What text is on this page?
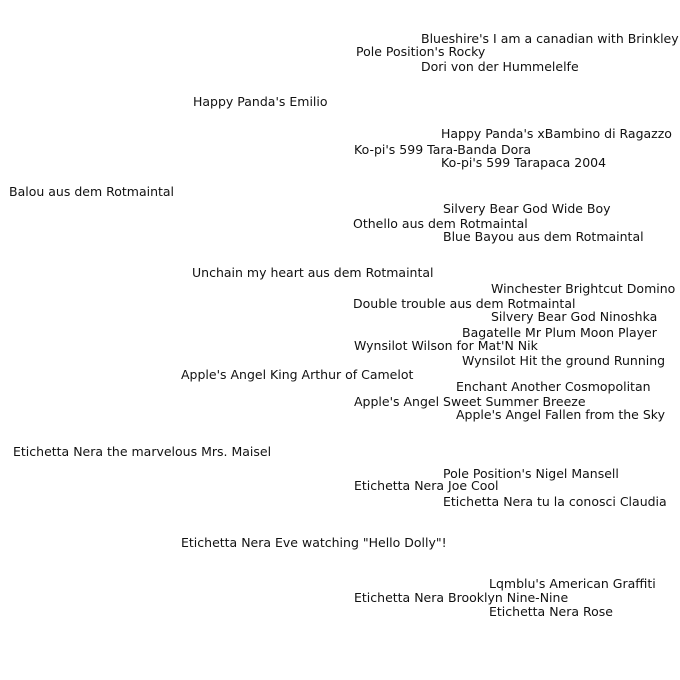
Balou aus dem Rotmaintal
Etichetta Nera the marvelous Mrs. Maisel
Happy Panda's Emilio
Unchain my heart aus dem Rotmaintal
Apple's Angel King Arthur of Camelot
Etichetta Nera Eve watching "Hello Dolly"!
Pole Position's Rocky
Ko-pi's 599 Tara-Banda Dora
Othello aus dem Rotmaintal
Double trouble aus dem Rotmaintal
Wynsilot Wilson for Mat'N Nik
Apple's Angel Sweet Summer Breeze
Etichetta Nera Joe Cool
Etichetta Nera Brooklyn Nine-Nine
Blueshire's I am a canadian with Brinkley
Dori von der Hummelelfe
Happy Panda's xBambino di Ragazzo
Ko-pi's 599 Tarapaca 2004
Silvery Bear God Wide Boy
Blue Bayou aus dem Rotmaintal
Winchester Brightcut Domino
Silvery Bear God Ninoshka
Bagatelle Mr Plum Moon Player
Wynsilot Hit the ground Running
Enchant Another Cosmopolitan
Apple's Angel Fallen from the Sky
Pole Position's Nigel Mansell
Etichetta Nera tu la conosci Claudia
Lqmblu's American Graffiti
Etichetta Nera Rose
